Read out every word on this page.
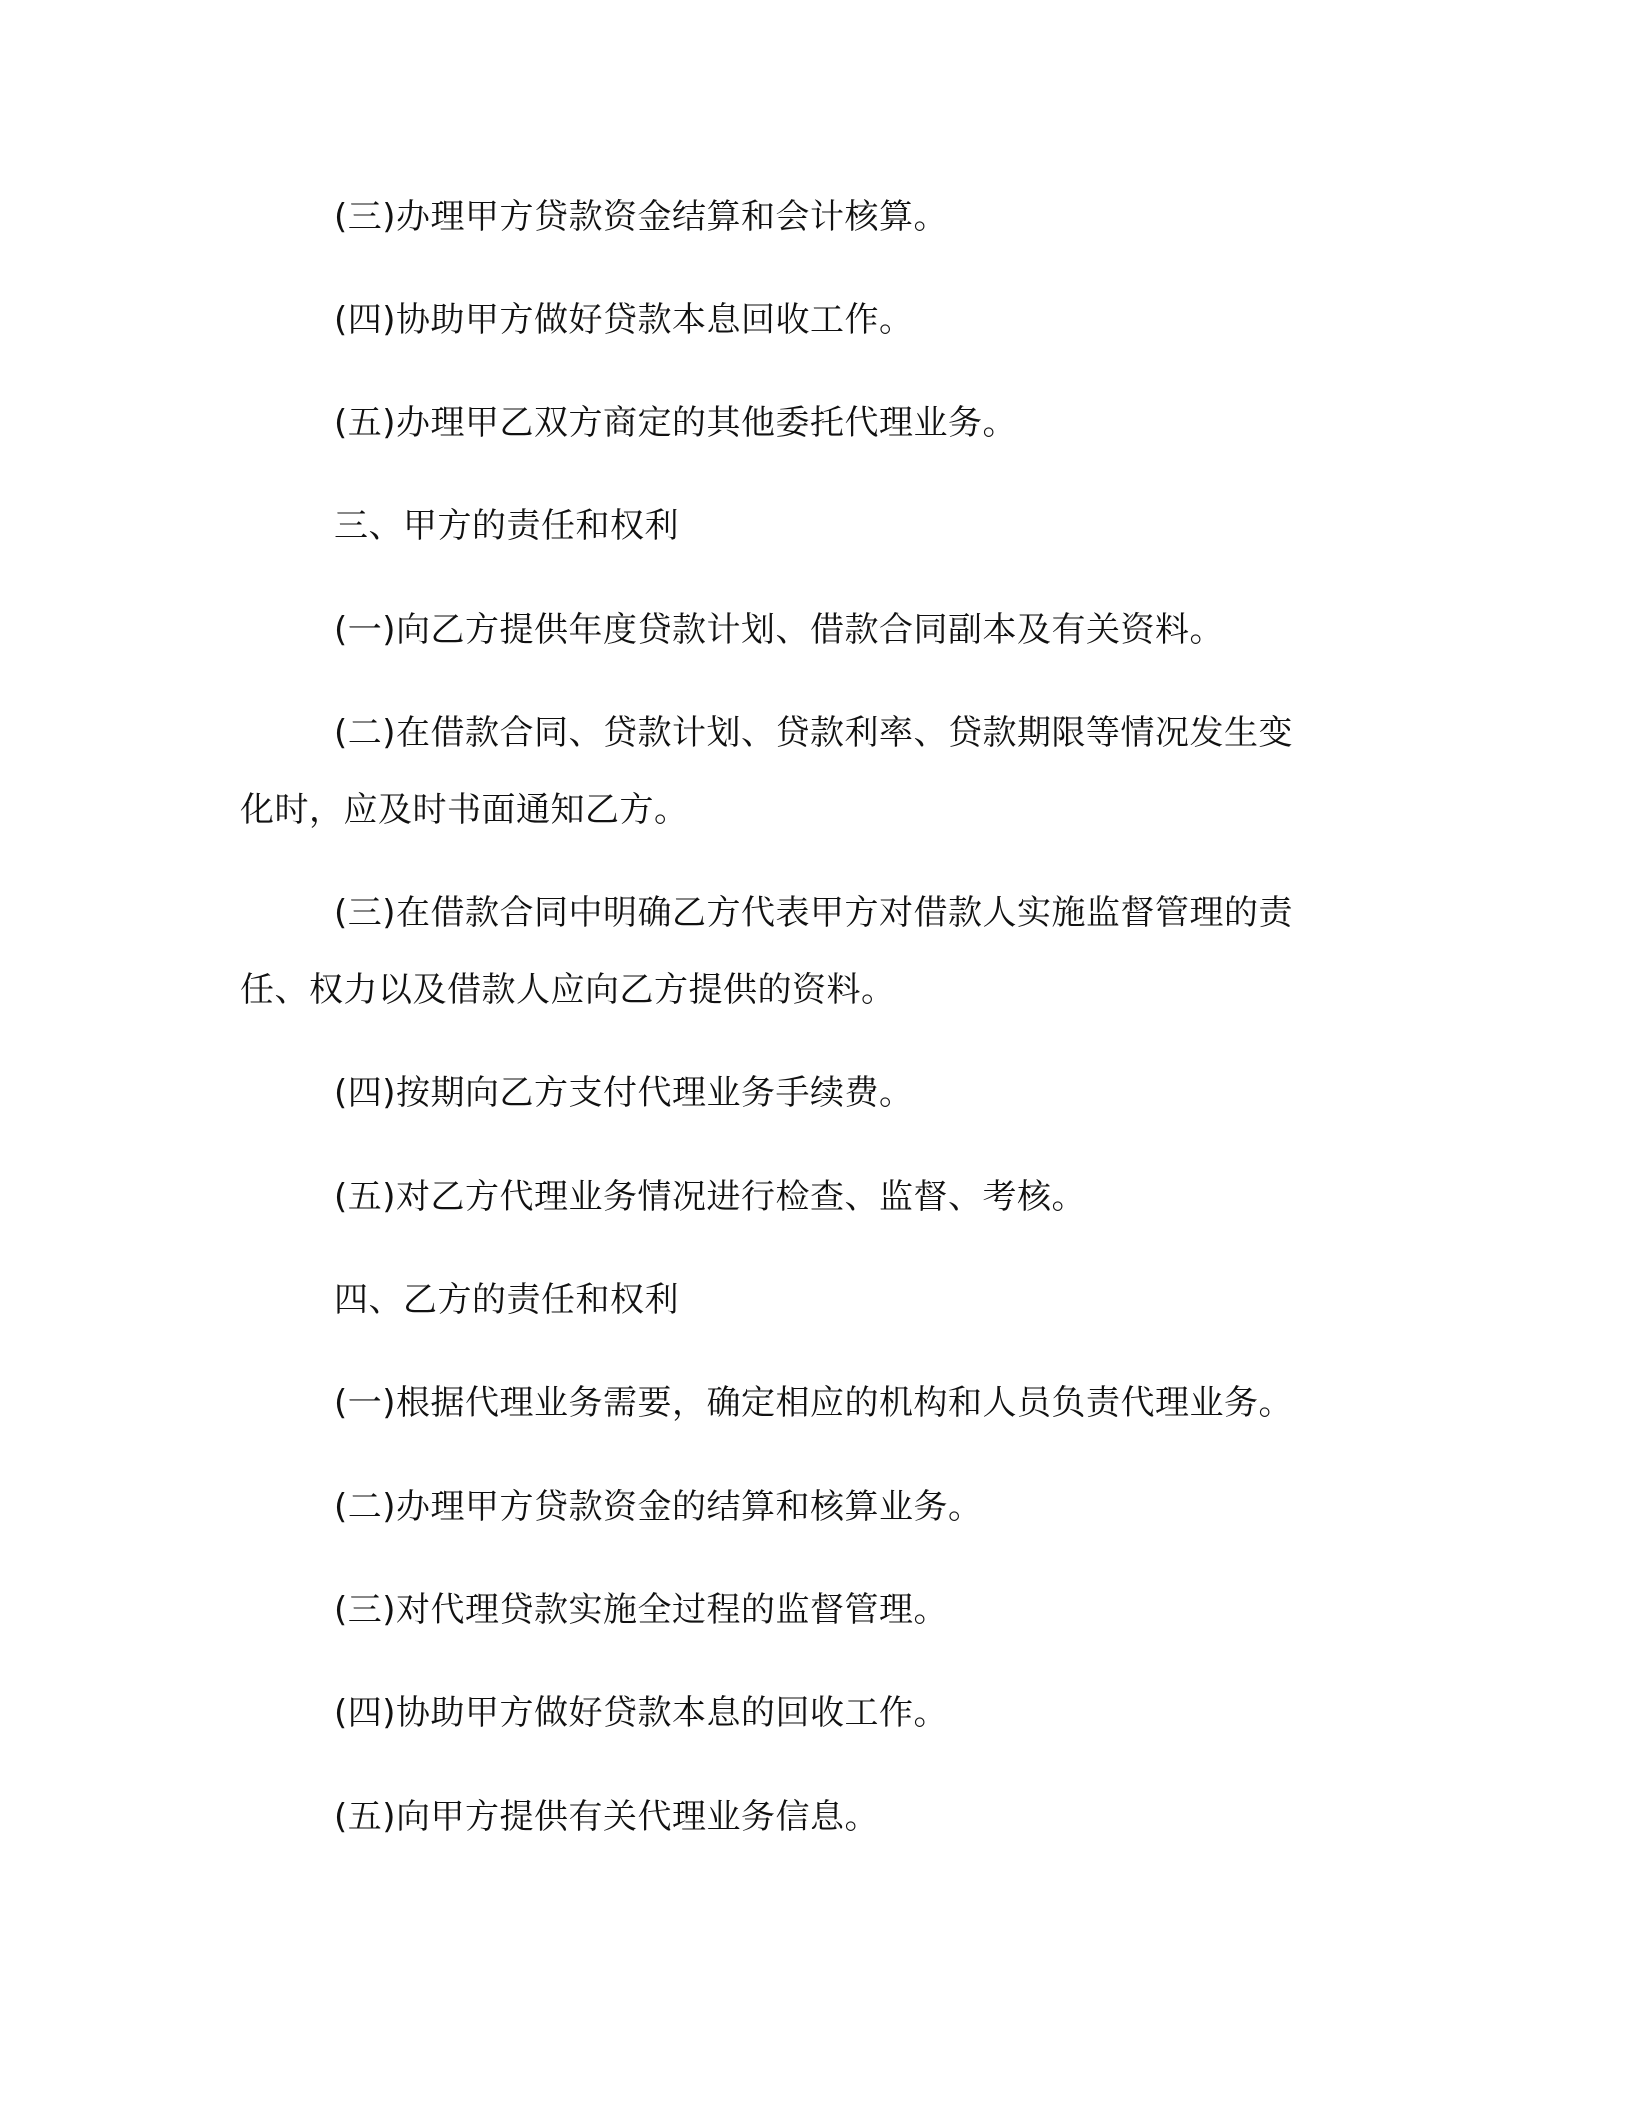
(三)办理甲方贷款资金结算和会计核算。

(四)协助甲方做好贷款本息回收工作。

(五)办理甲乙双方商定的其他委托代理业务。

三、甲方的责任和权利

(一)向乙方提供年度贷款计划、借款合同副本及有关资料。

(二)在借款合同、贷款计划、贷款利率、贷款期限等情况发生变

化时，应及时书面通知乙方。

(三)在借款合同中明确乙方代表甲方对借款人实施监督管理的责

任、权力以及借款人应向乙方提供的资料。

(四)按期向乙方支付代理业务手续费。

(五)对乙方代理业务情况进行检查、监督、考核。

四、乙方的责任和权利

(一)根据代理业务需要，确定相应的机构和人员负责代理业务。

(二)办理甲方贷款资金的结算和核算业务。

(三)对代理贷款实施全过程的监督管理。

(四)协助甲方做好贷款本息的回收工作。

(五)向甲方提供有关代理业务信息。
